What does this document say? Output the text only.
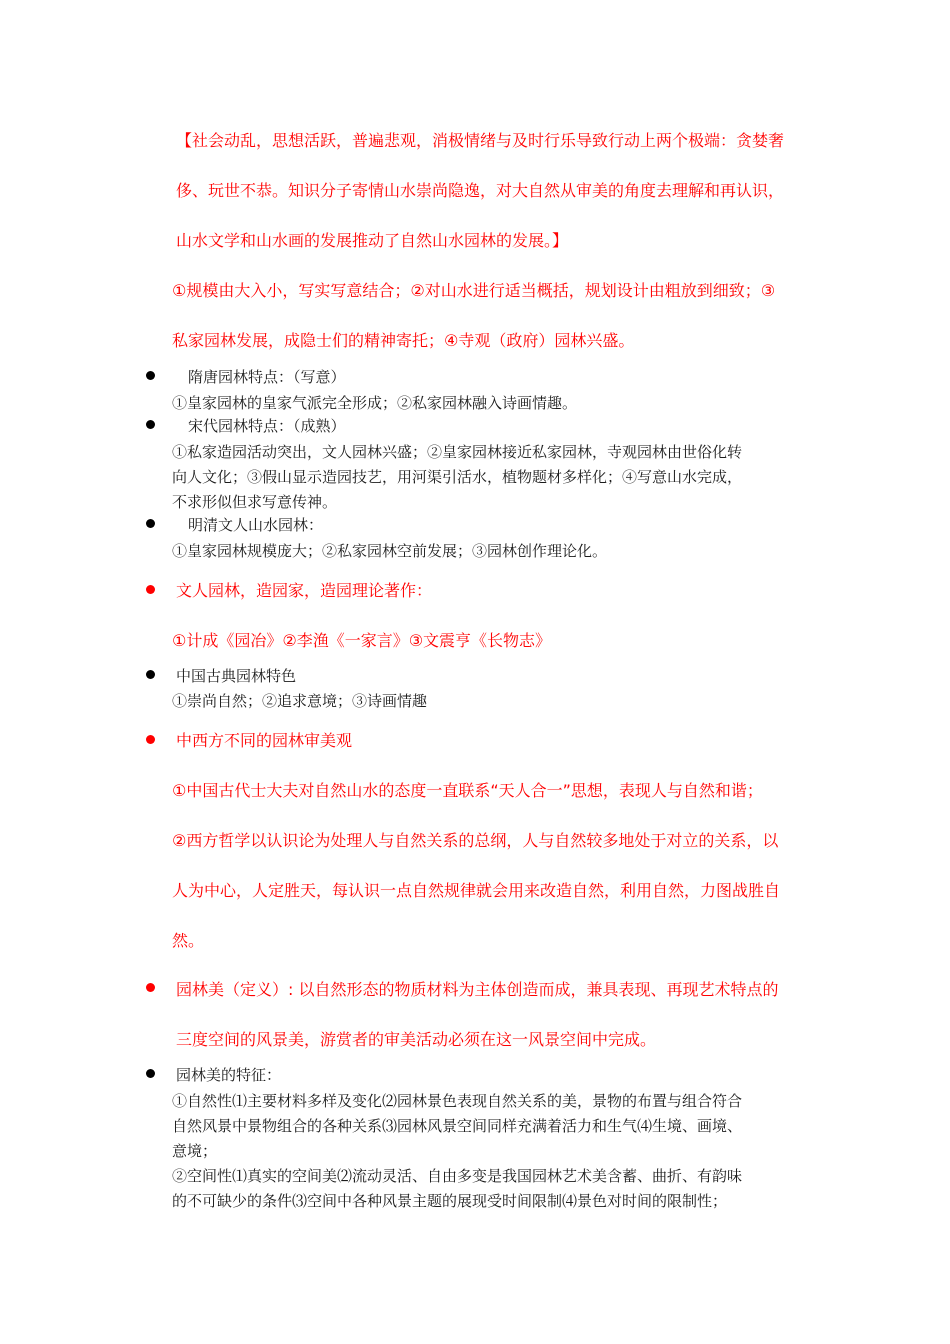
【社会动乱，思想活跃，普遍悲观，消极情绪与及时行乐导致行动上两个极端：贪婪奢

侈、玩世不恭。知识分子寄情山水崇尚隐逸，对大自然从审美的角度去理解和再认识，

山水文学和山水画的发展推动了自然山水园林的发展。】

①规模由大入小，写实写意结合；②对山水进行适当概括，规划设计由粗放到细致；③

私家园林发展，成隐士们的精神寄托；④寺观（政府）园林兴盛。

隋唐园林特点：（写意）

①皇家园林的皇家气派完全形成；②私家园林融入诗画情趣。

宋代园林特点：（成熟）

①私家造园活动突出，文人园林兴盛；②皇家园林接近私家园林，寺观园林由世俗化转

向人文化；③假山显示造园技艺，用河渠引活水，植物题材多样化；④写意山水完成，

不求形似但求写意传神。

明清文人山水园林：

①皇家园林规模庞大；②私家园林空前发展；③园林创作理论化。

文人园林，造园家，造园理论著作：

①计成《园冶》②李渔《一家言》③文震亨《长物志》

中国古典园林特色

①崇尚自然；②追求意境；③诗画情趣

中西方不同的园林审美观

①中国古代士大夫对自然山水的态度一直联系“天人合一”思想，表现人与自然和谐；

②西方哲学以认识论为处理人与自然关系的总纲，人与自然较多地处于对立的关系，以

人为中心，人定胜天，每认识一点自然规律就会用来改造自然，利用自然，力图战胜自

然。

园林美（定义）: 以自然形态的物质材料为主体创造而成，兼具表现、再现艺术特点的

三度空间的风景美，游赏者的审美活动必须在这一风景空间中完成。

园林美的特征：

①自然性⑴主要材料多样及变化⑵园林景色表现自然关系的美，景物的布置与组合符合

自然风景中景物组合的各种关系⑶园林风景空间同样充满着活力和生气⑷生境、画境、

意境；

②空间性⑴真实的空间美⑵流动灵活、自由多变是我国园林艺术美含蓄、曲折、有韵味

的不可缺少的条件⑶空间中各种风景主题的展现受时间限制⑷景色对时间的限制性；
